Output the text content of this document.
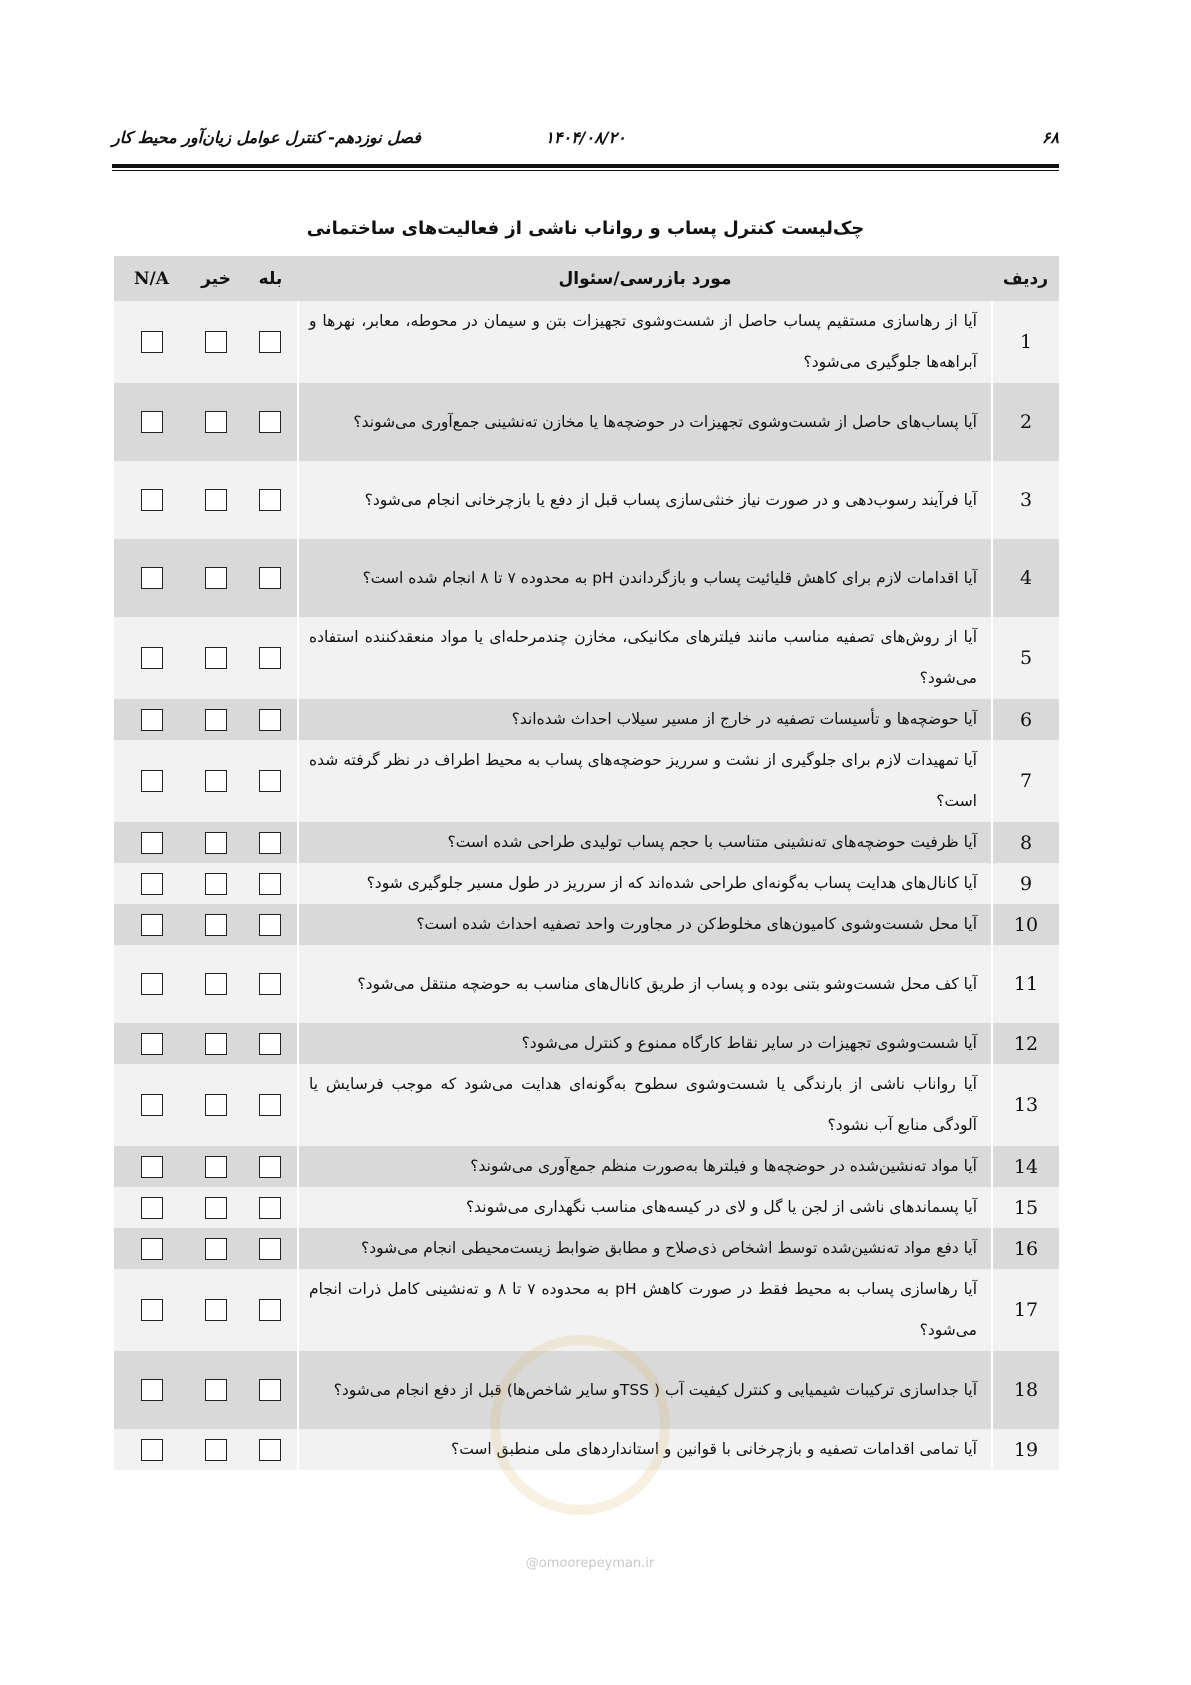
۶۸
۱۴۰۴/۰۸/۲۰
فصل نوزدهم- کنترل عوامل زیان‌آور محیط کار
چک‌لیست کنترل پساب و رواناب ناشی از فعالیت‌های ساختمانی
ردیف	مورد بازرسی/سئوال	بله	خیر	N/A
1	آیا از رهاسازی مستقیم پساب حاصل از شست‌وشوی تجهیزات بتن و سیمان در محوطه، معابر، نهرها و آبراهه‌ها جلوگیری می‌شود؟			
2	آیا پساب‌های حاصل از شست‌وشوی تجهیزات در حوضچه‌ها یا مخازن ته‌نشینی جمع‌آوری می‌شوند؟			
3	آیا فرآیند رسوب‌دهی و در صورت نیاز خنثی‌سازی پساب قبل از دفع یا بازچرخانی انجام می‌شود؟			
4	آیا اقدامات لازم برای کاهش قلیائیت پساب و بازگرداندن pH به محدوده ۷ تا ۸ انجام شده است؟			
5	آیا از روش‌های تصفیه مناسب مانند فیلترهای مکانیکی، مخازن چندمرحله‌ای یا مواد منعقدکننده استفاده می‌شود؟			
6	آیا حوضچه‌ها و تأسیسات تصفیه در خارج از مسیر سیلاب احداث شده‌اند؟			
7	آیا تمهیدات لازم برای جلوگیری از نشت و سرریز حوضچه‌های پساب به محیط اطراف در نظر گرفته شده است؟			
8	آیا ظرفیت حوضچه‌های ته‌نشینی متناسب با حجم پساب تولیدی طراحی شده است؟			
9	آیا کانال‌های هدایت پساب به‌گونه‌ای طراحی شده‌اند که از سرریز در طول مسیر جلوگیری شود؟			
10	آیا محل شست‌وشوی کامیون‌های مخلوط‌کن در مجاورت واحد تصفیه احداث شده است؟			
11	آیا کف محل شست‌وشو بتنی بوده و پساب از طریق کانال‌های مناسب به حوضچه منتقل می‌شود؟			
12	آیا شست‌وشوی تجهیزات در سایر نقاط کارگاه ممنوع و کنترل می‌شود؟			
13	آیا رواناب ناشی از بارندگی یا شست‌وشوی سطوح به‌گونه‌ای هدایت می‌شود که موجب فرسایش یا آلودگی منابع آب نشود؟			
14	آیا مواد ته‌نشین‌شده در حوضچه‌ها و فیلترها به‌صورت منظم جمع‌آوری می‌شوند؟			
15	آیا پسماندهای ناشی از لجن یا گل و لای در کیسه‌های مناسب نگهداری می‌شوند؟			
16	آیا دفع مواد ته‌نشین‌شده توسط اشخاص ذی‌صلاح و مطابق ضوابط زیست‌محیطی انجام می‌شود؟			
17	آیا رهاسازی پساب به محیط فقط در صورت کاهش pH به محدوده ۷ تا ۸ و ته‌نشینی کامل ذرات انجام می‌شود؟			
18	آیا جداسازی ترکیبات شیمیایی و کنترل کیفیت آب ( TSSو سایر شاخص‌ها) قبل از دفع انجام می‌شود؟			
19	آیا تمامی اقدامات تصفیه و بازچرخانی با قوانین و استانداردهای ملی منطبق است؟			
@omoorepeyman.ir
